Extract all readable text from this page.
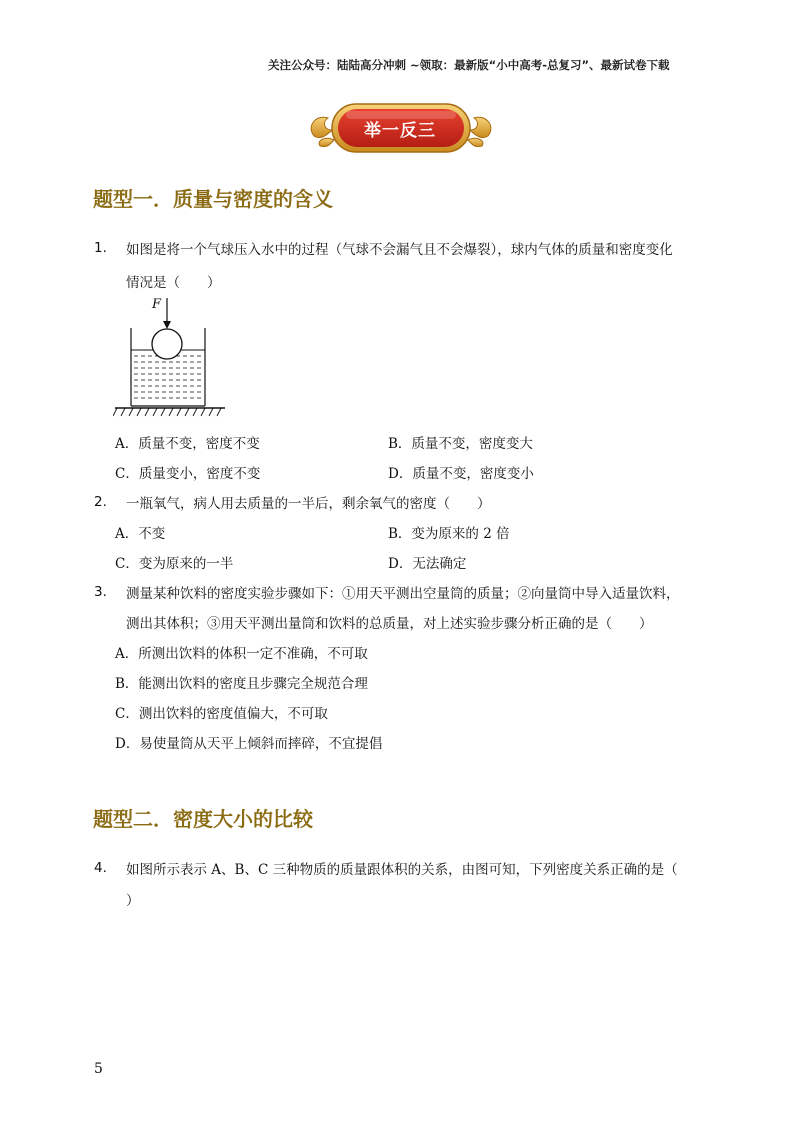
关注公众号：陆陆高分冲刺 ~领取：最新版“小中高考-总复习”、最新试卷下载
举一反三
题型一．质量与密度的含义
1. 如图是将一个气球压入水中的过程（气球不会漏气且不会爆裂），球内气体的质量和密度变化
情况是（　　）
F
A．质量不变，密度不变	B．质量不变，密度变大
C．质量变小，密度不变	D．质量不变，密度变小
2. 一瓶氧气，病人用去质量的一半后，剩余氧气的密度（　　）
A．不变	B．变为原来的 2 倍
C．变为原来的一半	D．无法确定
3. 测量某种饮料的密度实验步骤如下：①用天平测出空量筒的质量；②向量筒中导入适量饮料，
测出其体积；③用天平测出量筒和饮料的总质量，对上述实验步骤分析正确的是（　　）
A．所测出饮料的体积一定不准确，不可取
B．能测出饮料的密度且步骤完全规范合理
C．测出饮料的密度值偏大，不可取
D．易使量筒从天平上倾斜而摔碎，不宜提倡
题型二．密度大小的比较
4. 如图所示表示 A、B、C 三种物质的质量跟体积的关系，由图可知，下列密度关系正确的是（
）
5
